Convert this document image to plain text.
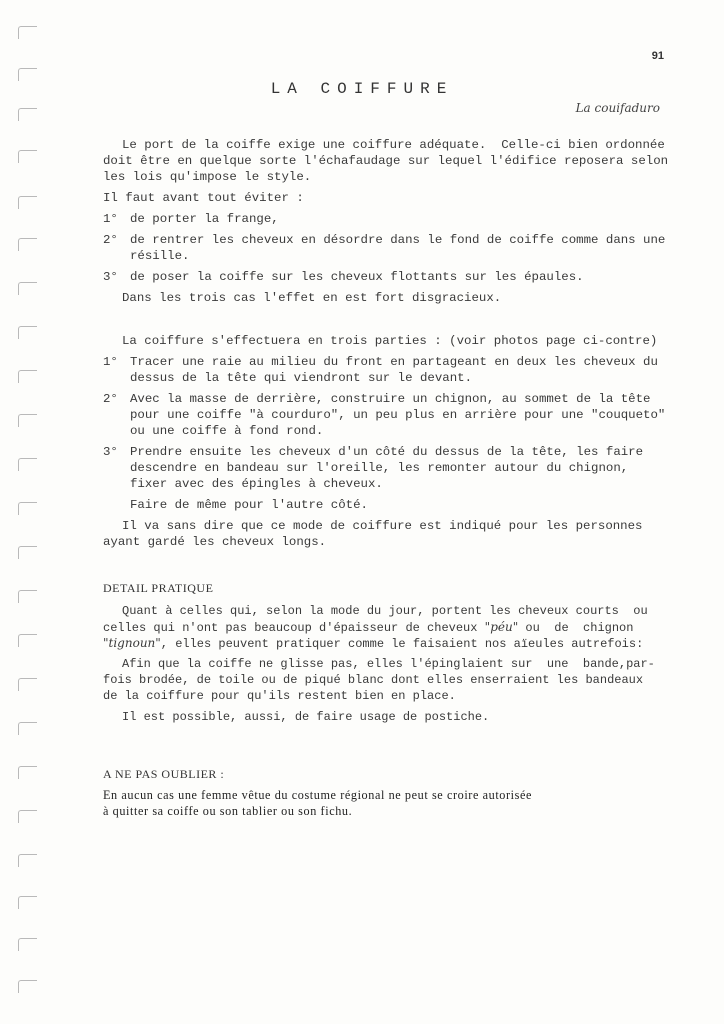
91
LA COIFFURE
La couifaduro
Le port de la coiffe exige une coiffure adéquate.  Celle-ci bien ordonnée
doit être en quelque sorte l'échafaudage sur lequel l'édifice reposera selon
les lois qu'impose le style.
Il faut avant tout éviter :
1° de porter la frange,
2° de rentrer les cheveux en désordre dans le fond de coiffe comme dans une
résille.
3° de poser la coiffe sur les cheveux flottants sur les épaules.
Dans les trois cas l'effet en est fort disgracieux.
La coiffure s'effectuera en trois parties : (voir photos page ci-contre)
1° Tracer une raie au milieu du front en partageant en deux les cheveux du
dessus de la tête qui viendront sur le devant.
2° Avec la masse de derrière, construire un chignon, au sommet de la tête
pour une coiffe "à courduro", un peu plus en arrière pour une "couqueto"
ou une coiffe à fond rond.
3° Prendre ensuite les cheveux d'un côté du dessus de la tête, les faire
descendre en bandeau sur l'oreille, les remonter autour du chignon,
fixer avec des épingles à cheveux.
Faire de même pour l'autre côté.
Il va sans dire que ce mode de coiffure est indiqué pour les personnes
ayant gardé les cheveux longs.
DETAIL PRATIQUE
Quant à celles qui, selon la mode du jour, portent les cheveux courts  ou
celles qui n'ont pas beaucoup d'épaisseur de cheveux "péu" ou  de  chignon
"tignoun", elles peuvent pratiquer comme le faisaient nos aïeules autrefois:
Afin que la coiffe ne glisse pas, elles l'épinglaient sur  une  bande,par-
fois brodée, de toile ou de piqué blanc dont elles enserraient les bandeaux
de la coiffure pour qu'ils restent bien en place.
Il est possible, aussi, de faire usage de postiche.
A NE PAS OUBLIER :
En aucun cas une femme vêtue du costume régional ne peut se croire autorisée
à quitter sa coiffe ou son tablier ou son fichu.
